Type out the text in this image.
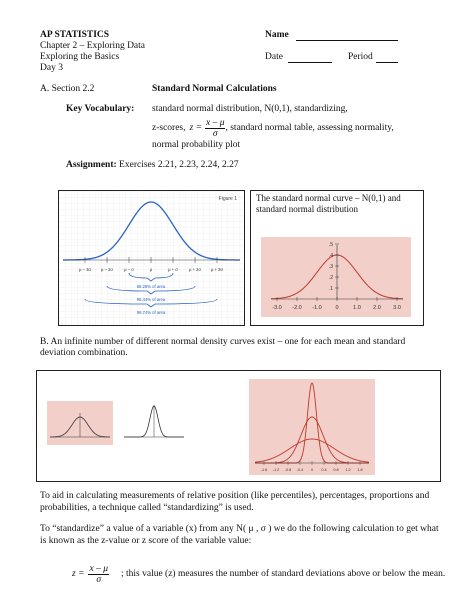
AP STATISTICS
Chapter 2 – Exploring Data
Exploring the Basics
Day 3
Name
Date	Period
A. Section 2.2	Standard Normal Calculations
Key Vocabulary: standard normal distribution, N(0,1), standardizing,
z-scores, $z = \frac{x - \mu}{\sigma}$ , standard normal table, assessing normality,
normal probability plot
Assignment: Exercises 2.21, 2.23, 2.24, 2.27
Figure 1
μ – 3σ μ – 2σ	μ – σ	μ	μ + σ	μ + 2σ μ + 3σ
68.26% of area
95.44% of area
99.74% of area
The standard normal curve – N(0,1) and standard normal distribution
-3.0 -2.0 -1.0 0	1.0 2.0 3.0
.1
.2
.3
.4
.5
B. An infinite number of different normal density curves exist – one for each mean and standard deviation combination.
-1.6 -1.2 -0.8 -0.4 0 0.4 0.8 1.2 1.6
To aid in calculating measurements of relative position (like percentiles), percentages, proportions and probabilities, a technique called “standardizing” is used.
To “standardize” a value of a variable (x) from any N( μ , σ ) we do the following calculation to get what is known as the z-value or z score of the variable value:
$z = \frac{x - \mu}{\sigma}$ ; this value (z) measures the number of standard deviations above or below the mean.
